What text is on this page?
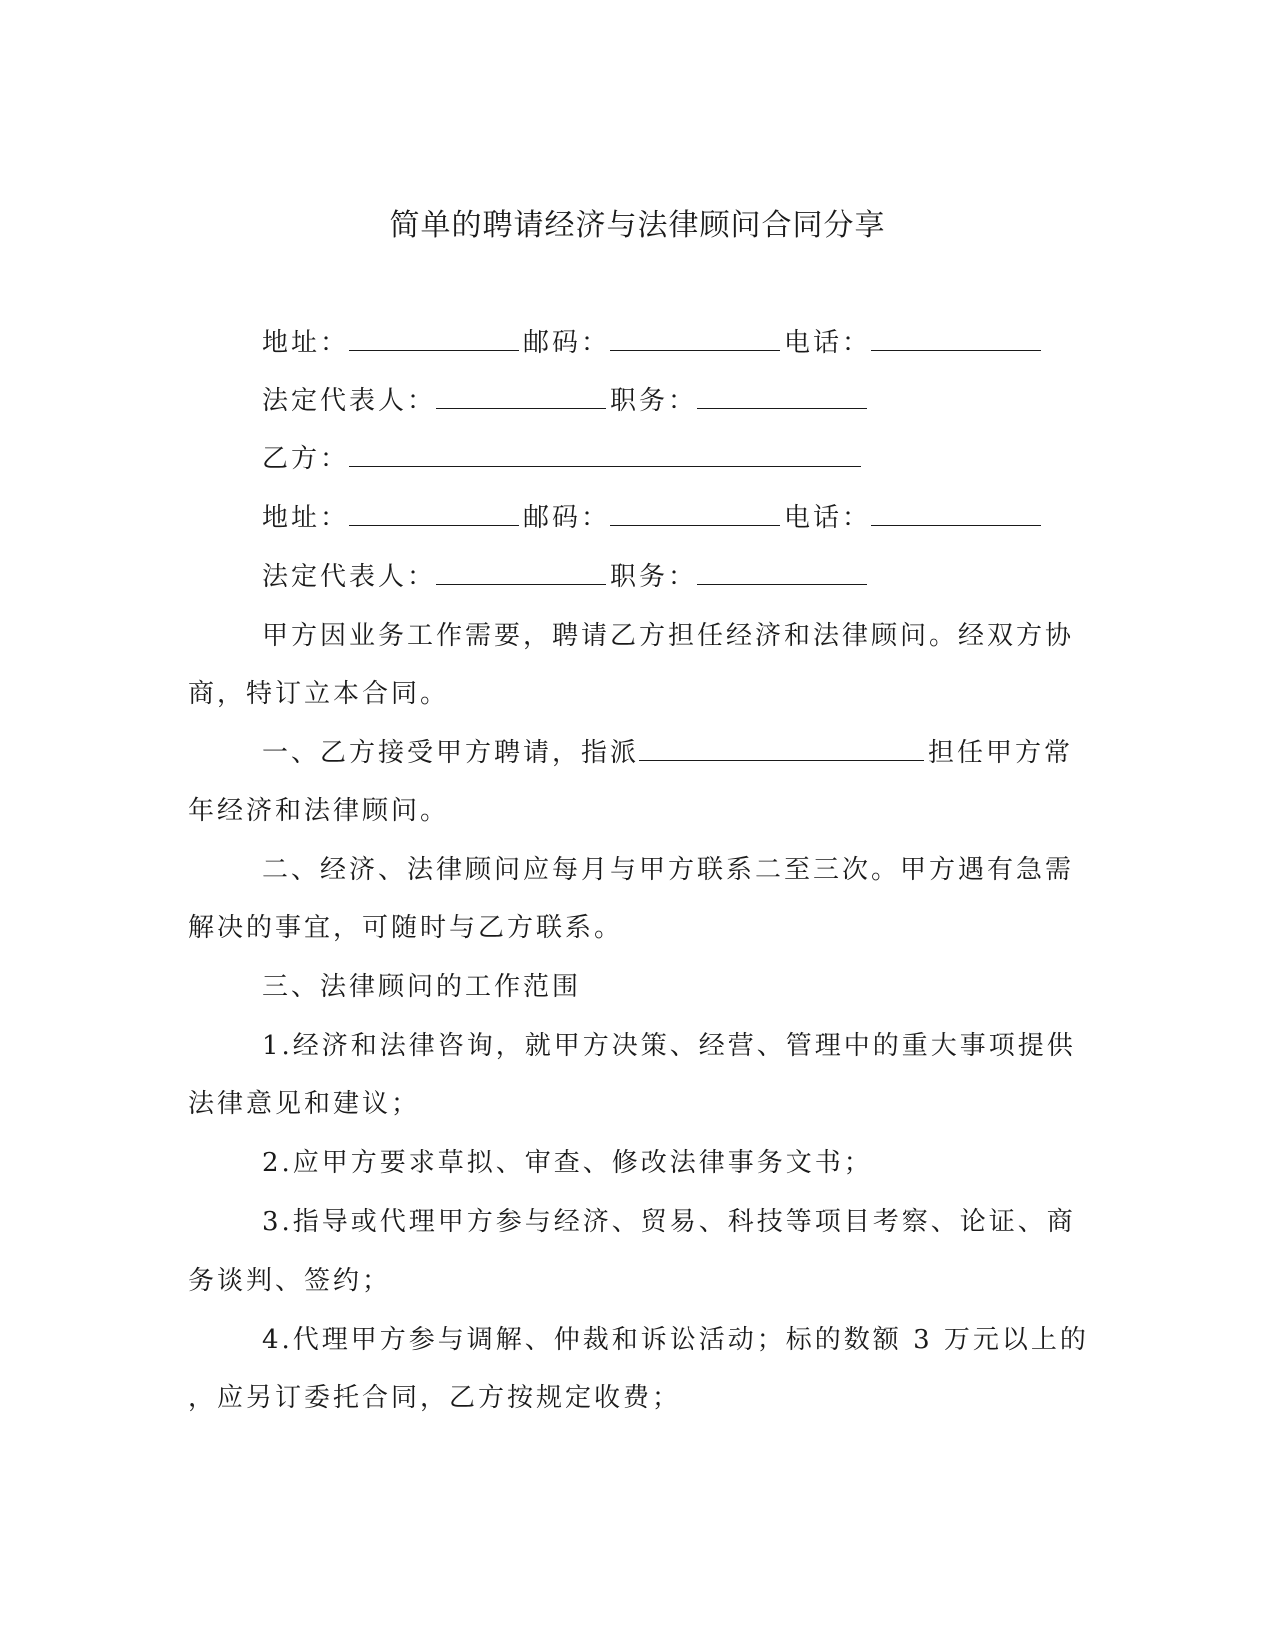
简单的聘请经济与法律顾问合同分享
地址：	邮码：	电话：
法定代表人：	职务：
乙方：
地址：	邮码：	电话：
法定代表人：	职务：
甲方因业务工作需要，聘请乙方担任经济和法律顾问。经双方协
商，特订立本合同。
一、乙方接受甲方聘请，指派	担任甲方常
年经济和法律顾问。
二、经济、法律顾问应每月与甲方联系二至三次。甲方遇有急需
解决的事宜，可随时与乙方联系。
三、法律顾问的工作范围
1.经济和法律咨询，就甲方决策、经营、管理中的重大事项提供
法律意见和建议；
2.应甲方要求草拟、审查、修改法律事务文书；
3.指导或代理甲方参与经济、贸易、科技等项目考察、论证、商
务谈判、签约；
4.代理甲方参与调解、仲裁和诉讼活动；标的数额 3 万元以上的
，应另订委托合同，乙方按规定收费；
